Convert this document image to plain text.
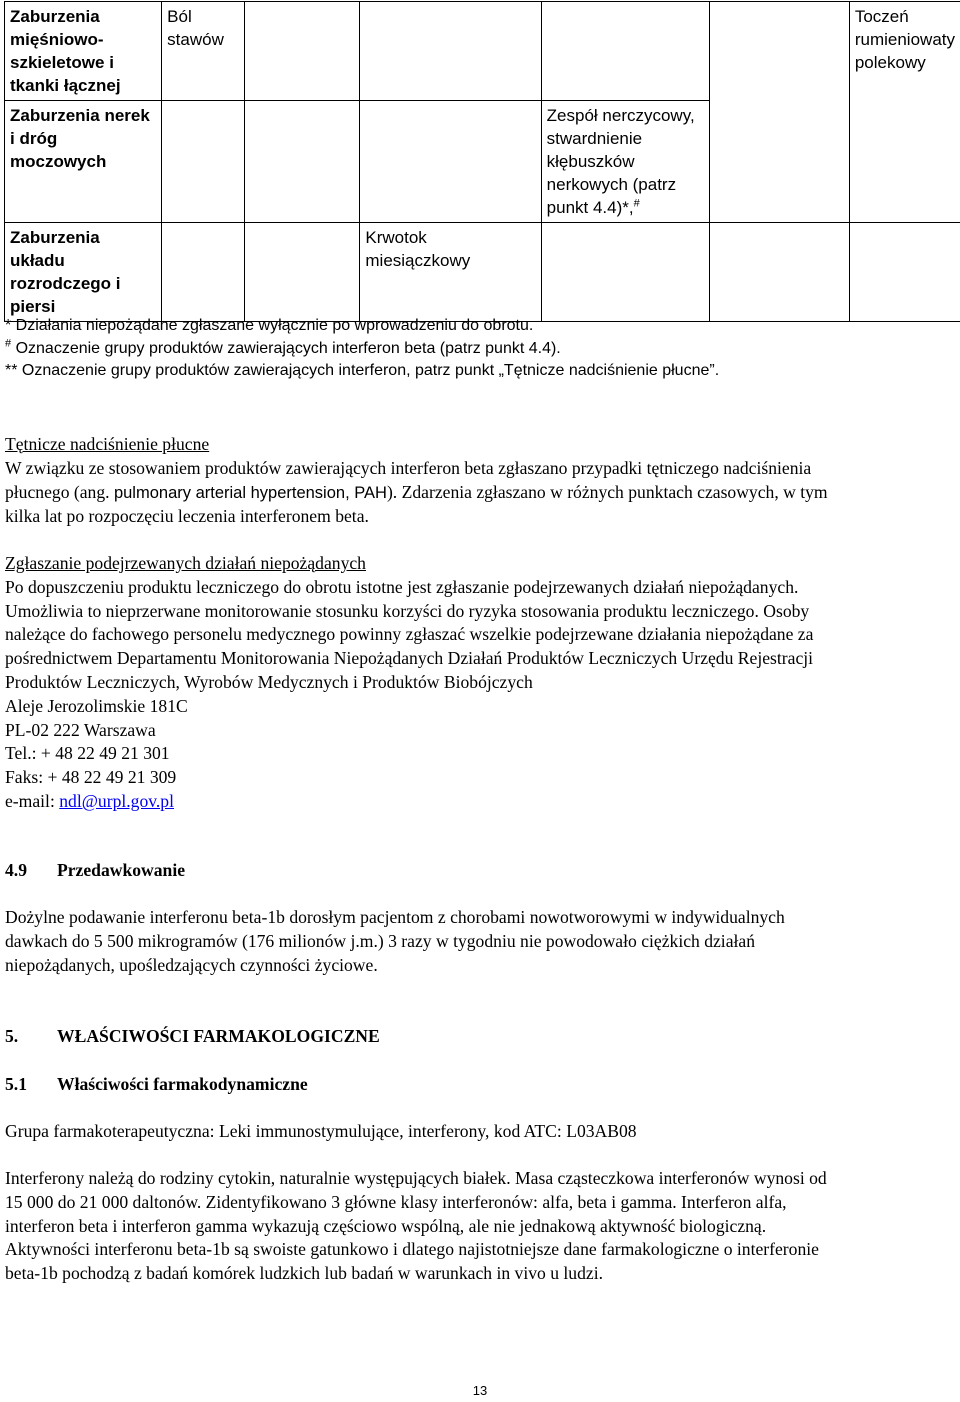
Zaburzenia mięśniowo-szkieletowe i tkanki łącznej	Ból stawów					Toczeń rumieniowaty polekowy
Zaburzenia nerek i dróg moczowych				Zespół nerczycowy, stwardnienie kłębuszków nerkowych (patrz punkt 4.4)*,#		
Zaburzenia układu rozrodczego i piersi			Krwotok miesiączkowy			

* Działania niepożądane zgłaszane wyłącznie po wprowadzeniu do obrotu.

# Oznaczenie grupy produktów zawierających interferon beta (patrz punkt 4.4).

** Oznaczenie grupy produktów zawierających interferon, patrz punkt „Tętnicze nadciśnienie płucne”.

Tętnicze nadciśnienie płucne

W związku ze stosowaniem produktów zawierających interferon beta zgłaszano przypadki tętniczego nadciśnienia płucnego (ang. pulmonary arterial hypertension, PAH). Zdarzenia zgłaszano w różnych punktach czasowych, w tym kilka lat po rozpoczęciu leczenia interferonem beta.

Zgłaszanie podejrzewanych działań niepożądanych

Po dopuszczeniu produktu leczniczego do obrotu istotne jest zgłaszanie podejrzewanych działań niepożądanych. Umożliwia to nieprzerwane monitorowanie stosunku korzyści do ryzyka stosowania produktu leczniczego. Osoby należące do fachowego personelu medycznego powinny zgłaszać wszelkie podejrzewane działania niepożądane za pośrednictwem Departamentu Monitorowania Niepożądanych Działań Produktów Leczniczych Urzędu Rejestracji Produktów Leczniczych, Wyrobów Medycznych i Produktów Biobójczych

Aleje Jerozolimskie 181C

PL-02 222 Warszawa

Tel.: + 48 22 49 21 301

Faks: + 48 22 49 21 309

e-mail: ndl@urpl.gov.pl

4.9 Przedawkowanie
Dożylne podawanie interferonu beta-1b dorosłym pacjentom z chorobami nowotworowymi w indywidualnych dawkach do 5 500 mikrogramów (176 milionów j.m.) 3 razy w tygodniu nie powodowało ciężkich działań niepożądanych, upośledzających czynności życiowe.
5. WŁAŚCIWOŚCI FARMAKOLOGICZNE
5.1 Właściwości farmakodynamiczne
Grupa farmakoterapeutyczna: Leki immunostymulujące, interferony, kod ATC: L03AB08
Interferony należą do rodziny cytokin, naturalnie występujących białek. Masa cząsteczkowa interferonów wynosi od 15 000 do 21 000 daltonów. Zidentyfikowano 3 główne klasy interferonów: alfa, beta i gamma. Interferon alfa, interferon beta i interferon gamma wykazują częściowo wspólną, ale nie jednakową aktywność biologiczną. Aktywności interferonu beta-1b są swoiste gatunkowo i dlatego najistotniejsze dane farmakologiczne o interferonie beta-1b pochodzą z badań komórek ludzkich lub badań w warunkach in vivo u ludzi.
13
